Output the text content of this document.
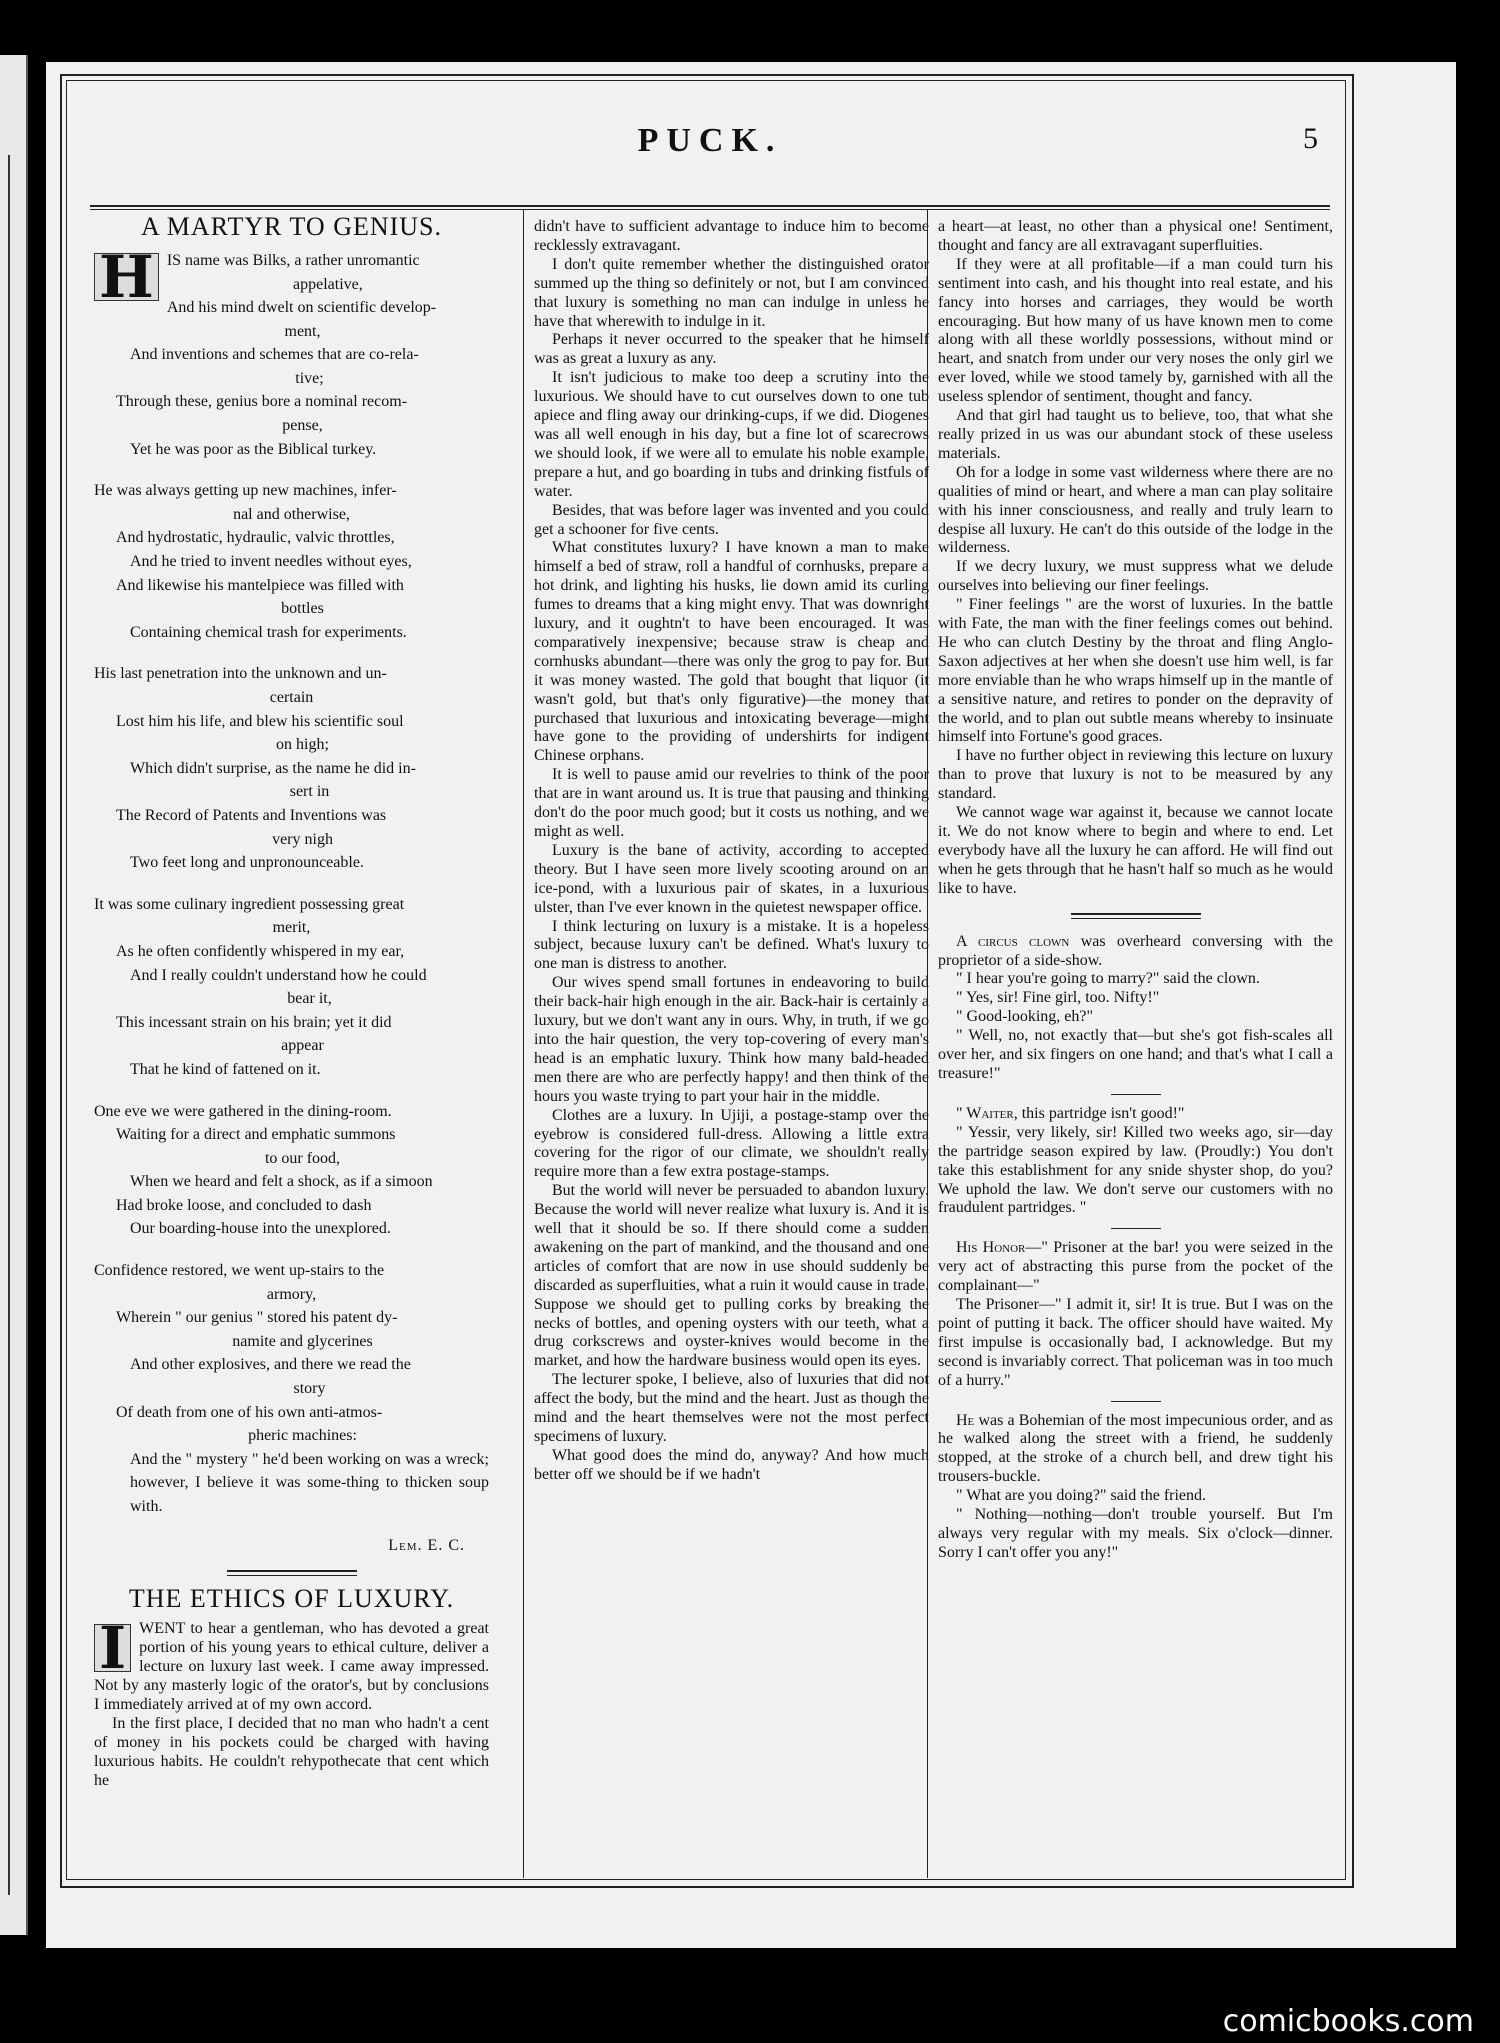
PUCK.	5
A MARTYR TO GENIUS.
H IS name was Bilks, a rather unromantic
appelative,
And his mind dwelt on scientific develop-
ment,
And inventions and schemes that are co-rela-
tive;
Through these, genius bore a nominal recom-
pense,
Yet he was poor as the Biblical turkey.
He was always getting up new machines, infer-
nal and otherwise,
And hydrostatic, hydraulic, valvic throttles,
And he tried to invent needles without eyes,
And likewise his mantelpiece was filled with
bottles
Containing chemical trash for experiments.
His last penetration into the unknown and un-
certain
Lost him his life, and blew his scientific soul
on high;
Which didn't surprise, as the name he did in-
sert in
The Record of Patents and Inventions was
very nigh
Two feet long and unpronounceable.
It was some culinary ingredient possessing great
merit,
As he often confidently whispered in my ear,
And I really couldn't understand how he could
bear it,
This incessant strain on his brain; yet it did
appear
That he kind of fattened on it.
One eve we were gathered in the dining-room.
Waiting for a direct and emphatic summons
to our food,
When we heard and felt a shock, as if a simoon
Had broke loose, and concluded to dash
Our boarding-house into the unexplored.
Confidence restored, we went up-stairs to the
armory,
Wherein " our genius " stored his patent dy-
namite and glycerines
And other explosives, and there we read the
story
Of death from one of his own anti-atmos-
pheric machines:
And the " mystery " he'd been working on was a wreck; however, I believe it was some-thing to thicken soup with.
Lem. E. C.
THE ETHICS OF LUXURY.
I WENT to hear a gentleman, who has devoted a great portion of his young years to ethical culture, deliver a lecture on luxury last week. I came away impressed. Not by any masterly logic of the orator's, but by conclusions I immediately arrived at of my own accord.

In the first place, I decided that no man who hadn't a cent of money in his pockets could be charged with having luxurious habits. He couldn't rehypothecate that cent which he

didn't have to sufficient advantage to induce him to become recklessly extravagant.

I don't quite remember whether the distinguished orator summed up the thing so definitely or not, but I am convinced that luxury is something no man can indulge in unless he have that wherewith to indulge in it.

Perhaps it never occurred to the speaker that he himself was as great a luxury as any.

It isn't judicious to make too deep a scrutiny into the luxurious. We should have to cut ourselves down to one tub apiece and fling away our drinking-cups, if we did. Diogenes was all well enough in his day, but a fine lot of scarecrows we should look, if we were all to emulate his noble example, prepare a hut, and go boarding in tubs and drinking fistfuls of water.

Besides, that was before lager was invented and you could get a schooner for five cents.

What constitutes luxury? I have known a man to make himself a bed of straw, roll a handful of cornhusks, prepare a hot drink, and lighting his husks, lie down amid its curling fumes to dreams that a king might envy. That was downright luxury, and it oughtn't to have been encouraged. It was comparatively inexpensive; because straw is cheap and cornhusks abundant—there was only the grog to pay for. But it was money wasted. The gold that bought that liquor (it wasn't gold, but that's only figurative)—the money that purchased that luxurious and intoxicating beverage—might have gone to the providing of undershirts for indigent Chinese orphans.

It is well to pause amid our revelries to think of the poor that are in want around us. It is true that pausing and thinking don't do the poor much good; but it costs us nothing, and we might as well.

Luxury is the bane of activity, according to accepted theory. But I have seen more lively scooting around on an ice-pond, with a luxurious pair of skates, in a luxurious ulster, than I've ever known in the quietest newspaper office.

I think lecturing on luxury is a mistake. It is a hopeless subject, because luxury can't be defined. What's luxury to one man is distress to another.

Our wives spend small fortunes in endeavoring to build their back-hair high enough in the air. Back-hair is certainly a luxury, but we don't want any in ours. Why, in truth, if we go into the hair question, the very top-covering of every man's head is an emphatic luxury. Think how many bald-headed men there are who are perfectly happy! and then think of the hours you waste trying to part your hair in the middle.

Clothes are a luxury. In Ujiji, a postage-stamp over the eyebrow is considered full-dress. Allowing a little extra covering for the rigor of our climate, we shouldn't really require more than a few extra postage-stamps.

But the world will never be persuaded to abandon luxury. Because the world will never realize what luxury is. And it is well that it should be so. If there should come a sudden awakening on the part of mankind, and the thousand and one articles of comfort that are now in use should suddenly be discarded as superfluities, what a ruin it would cause in trade. Suppose we should get to pulling corks by breaking the necks of bottles, and opening oysters with our teeth, what a drug corkscrews and oyster-knives would become in the market, and how the hardware business would open its eyes.

The lecturer spoke, I believe, also of luxuries that did not affect the body, but the mind and the heart. Just as though the mind and the heart themselves were not the most perfect specimens of luxury.

What good does the mind do, anyway? And how much better off we should be if we hadn't

a heart—at least, no other than a physical one! Sentiment, thought and fancy are all extravagant superfluities.

If they were at all profitable—if a man could turn his sentiment into cash, and his thought into real estate, and his fancy into horses and carriages, they would be worth encouraging. But how many of us have known men to come along with all these worldly possessions, without mind or heart, and snatch from under our very noses the only girl we ever loved, while we stood tamely by, garnished with all the useless splendor of sentiment, thought and fancy.

And that girl had taught us to believe, too, that what she really prized in us was our abundant stock of these useless materials.

Oh for a lodge in some vast wilderness where there are no qualities of mind or heart, and where a man can play solitaire with his inner consciousness, and really and truly learn to despise all luxury. He can't do this outside of the lodge in the wilderness.

If we decry luxury, we must suppress what we delude ourselves into believing our finer feelings.

" Finer feelings " are the worst of luxuries. In the battle with Fate, the man with the finer feelings comes out behind. He who can clutch Destiny by the throat and fling Anglo-Saxon adjectives at her when she doesn't use him well, is far more enviable than he who wraps himself up in the mantle of a sensitive nature, and retires to ponder on the depravity of the world, and to plan out subtle means whereby to insinuate himself into Fortune's good graces.

I have no further object in reviewing this lecture on luxury than to prove that luxury is not to be measured by any standard.

We cannot wage war against it, because we cannot locate it. We do not know where to begin and where to end. Let everybody have all the luxury he can afford. He will find out when he gets through that he hasn't half so much as he would like to have.

A circus clown was overheard conversing with the proprietor of a side-show.

" I hear you're going to marry?" said the clown.

" Yes, sir! Fine girl, too. Nifty!"

" Good-looking, eh?"

" Well, no, not exactly that—but she's got fish-scales all over her, and six fingers on one hand; and that's what I call a treasure!"

" Waiter, this partridge isn't good!"

" Yessir, very likely, sir! Killed two weeks ago, sir—day the partridge season expired by law. (Proudly:) You don't take this establishment for any snide shyster shop, do you? We uphold the law. We don't serve our customers with no fraudulent partridges. "

His Honor—" Prisoner at the bar! you were seized in the very act of abstracting this purse from the pocket of the complainant—"

The Prisoner—" I admit it, sir! It is true. But I was on the point of putting it back. The officer should have waited. My first impulse is occasionally bad, I acknowledge. But my second is invariably correct. That policeman was in too much of a hurry."

He was a Bohemian of the most impecunious order, and as he walked along the street with a friend, he suddenly stopped, at the stroke of a church bell, and drew tight his trousers-buckle.

" What are you doing?" said the friend.

" Nothing—nothing—don't trouble yourself. But I'm always very regular with my meals. Six o'clock—dinner. Sorry I can't offer you any!"

comicbooks.com
